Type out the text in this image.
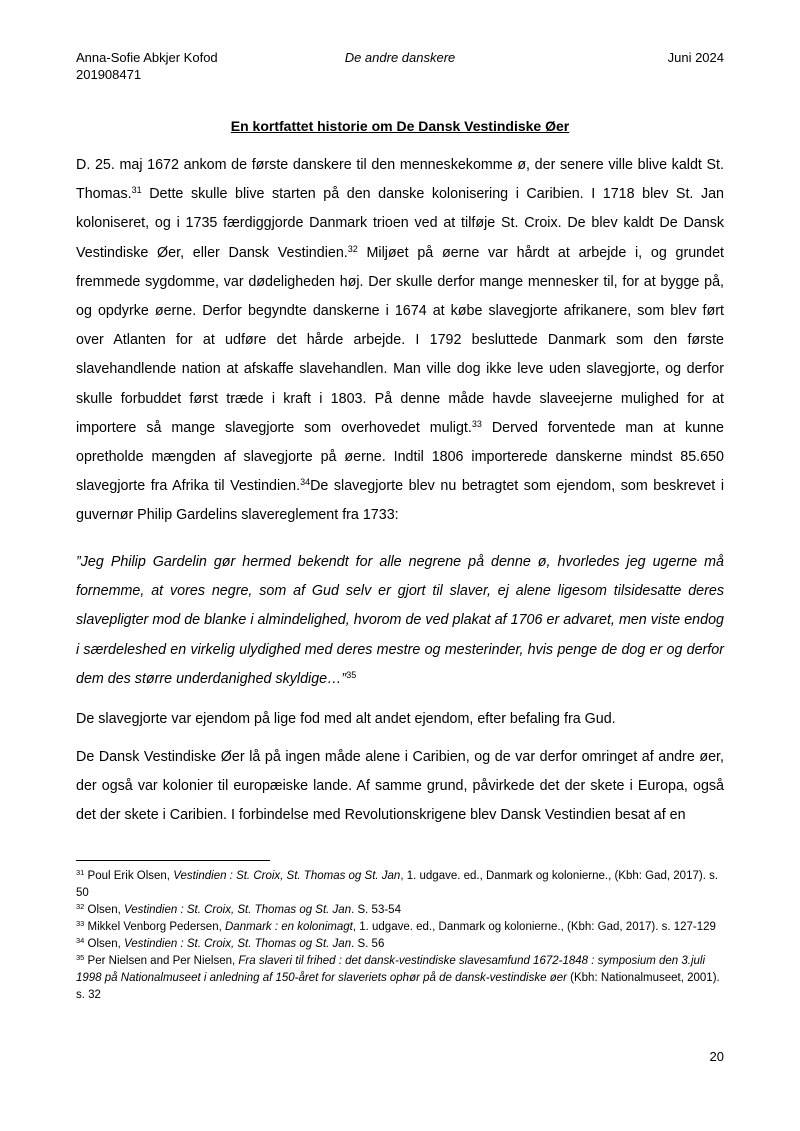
Anna-Sofie Abkjer Kofod
201908471
De andre danskere	Juni 2024
En kortfattet historie om De Dansk Vestindiske Øer

D. 25. maj 1672 ankom de første danskere til den menneskekomme ø, der senere ville blive kaldt St. Thomas.$^{31}$ Dette skulle blive starten på den danske kolonisering i Caribien. I 1718 blev St. Jan koloniseret, og i 1735 færdiggjorde Danmark trioen ved at tilføje St. Croix. De blev kaldt De Dansk Vestindiske Øer, eller Dansk Vestindien.$^{32}$ Miljøet på øerne var hårdt at arbejde i, og grundet fremmede sygdomme, var dødeligheden høj. Der skulle derfor mange mennesker til, for at bygge på, og opdyrke øerne. Derfor begyndte danskerne i 1674 at købe slavegjorte afrikanere, som blev ført over Atlanten for at udføre det hårde arbejde. I 1792 besluttede Danmark som den første slavehandlende nation at afskaffe slavehandlen. Man ville dog ikke leve uden slavegjorte, og derfor skulle forbuddet først træde i kraft i 1803. På denne måde havde slaveejerne mulighed for at importere så mange slavegjorte som overhovedet muligt.$^{33}$ Derved forventede man at kunne opretholde mængden af slavegjorte på øerne. Indtil 1806 importerede danskerne mindst 85.650 slavegjorte fra Afrika til Vestindien.$^{34}$De slavegjorte blev nu betragtet som ejendom, som beskrevet i guvernør Philip Gardelins slavereglement fra 1733:

”Jeg Philip Gardelin gør hermed bekendt for alle negrene på denne ø, hvorledes jeg ugerne må fornemme, at vores negre, som af Gud selv er gjort til slaver, ej alene ligesom tilsidesatte deres slavepligter mod de blanke i almindelighed, hvorom de ved plakat af 1706 er advaret, men viste endog i særdeleshed en virkelig ulydighed med deres mestre og mesterinder, hvis penge de dog er og derfor dem des større underdanighed skyldige…”$^{35}$

De slavegjorte var ejendom på lige fod med alt andet ejendom, efter befaling fra Gud.

De Dansk Vestindiske Øer lå på ingen måde alene i Caribien, og de var derfor omringet af andre øer, der også var kolonier til europæiske lande. Af samme grund, påvirkede det der skete i Europa, også det der skete i Caribien. I forbindelse med Revolutionskrigene blev Dansk Vestindien besat af en

$^{31}$ Poul Erik Olsen, Vestindien : St. Croix, St. Thomas og St. Jan, 1. udgave. ed., Danmark og kolonierne., (Kbh: Gad, 2017). s. 50

$^{32}$ Olsen, Vestindien : St. Croix, St. Thomas og St. Jan. S. 53-54

$^{33}$ Mikkel Venborg Pedersen, Danmark : en kolonimagt, 1. udgave. ed., Danmark og kolonierne., (Kbh: Gad, 2017). s. 127-129

$^{34}$ Olsen, Vestindien : St. Croix, St. Thomas og St. Jan. S. 56

$^{35}$ Per Nielsen and Per Nielsen, Fra slaveri til frihed : det dansk-vestindiske slavesamfund 1672-1848 : symposium den 3.juli 1998 på Nationalmuseet i anledning af 150-året for slaveriets ophør på de dansk-vestindiske øer (Kbh: Nationalmuseet, 2001). s. 32

20
